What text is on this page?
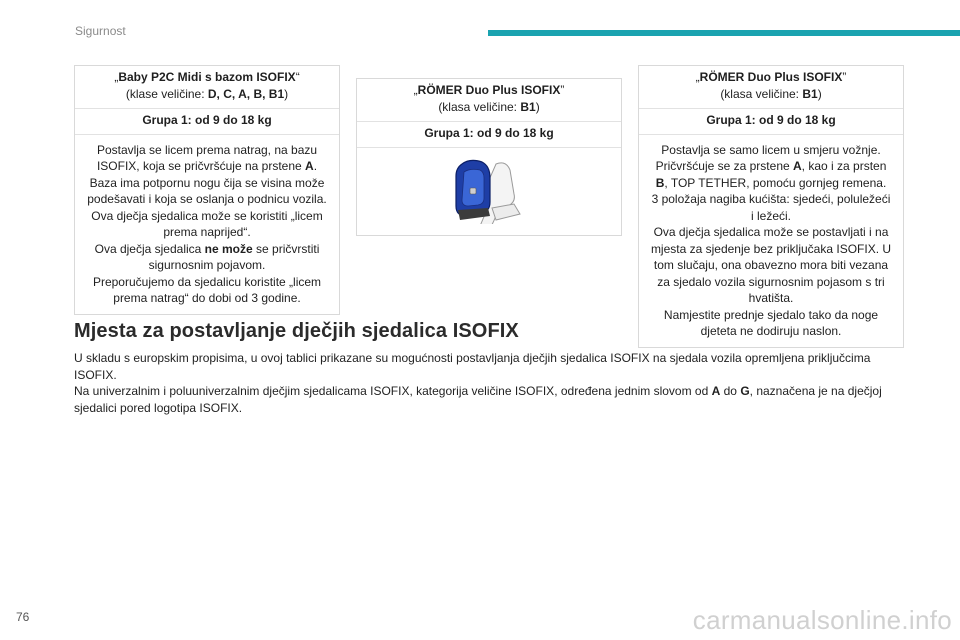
Sigurnost

„Baby P2C Midi s bazom ISOFIX“

(klase veličine: D, C, A, B, B1)

Grupa 1: od 9 do 18 kg

Postavlja se licem prema natrag, na bazu ISOFIX, koja se pričvršćuje na prstene A. Baza ima potpornu nogu čija se visina može podešavati i koja se oslanja o podnicu vozila.

Ova dječja sjedalica može se koristiti „licem prema naprijed“.

Ova dječja sjedalica ne može se pričvrstiti sigurnosnim pojavom.

Preporučujemo da sjedalicu koristite „licem prema natrag“ do dobi od 3 godine.

„RÖMER Duo Plus ISOFIX”

(klasa veličine: B1)

Grupa 1: od 9 do 18 kg

„RÖMER Duo Plus ISOFIX”

(klasa veličine: B1)

Grupa 1: od 9 do 18 kg

Postavlja se samo licem u smjeru vožnje.

Pričvršćuje se za prstene A, kao i za prsten B, TOP TETHER, pomoću gornjeg remena.

3 položaja nagiba kućišta: sjedeći, poluležeći i ležeći.

Ova dječja sjedalica može se postavljati i na mjesta za sjedenje bez priključaka ISOFIX. U tom slučaju, ona obavezno mora biti vezana za sjedalo vozila sigurnosnim pojasom s tri hvatišta.

Namjestite prednje sjedalo tako da noge djeteta ne dodiruju naslon.

Mjesta za postavljanje dječjih sjedalica ISOFIX

U skladu s europskim propisima, u ovoj tablici prikazane su mogućnosti postavljanja dječjih sjedalica ISOFIX na sjedala vozila opremljena priključcima ISOFIX.

Na univerzalnim i poluuniverzalnim dječjim sjedalicama ISOFIX, kategorija veličine ISOFIX, određena jednim slovom od A do G, naznačena je na dječjoj sjedalici pored logotipa ISOFIX.

76	carmanualsonline.info
